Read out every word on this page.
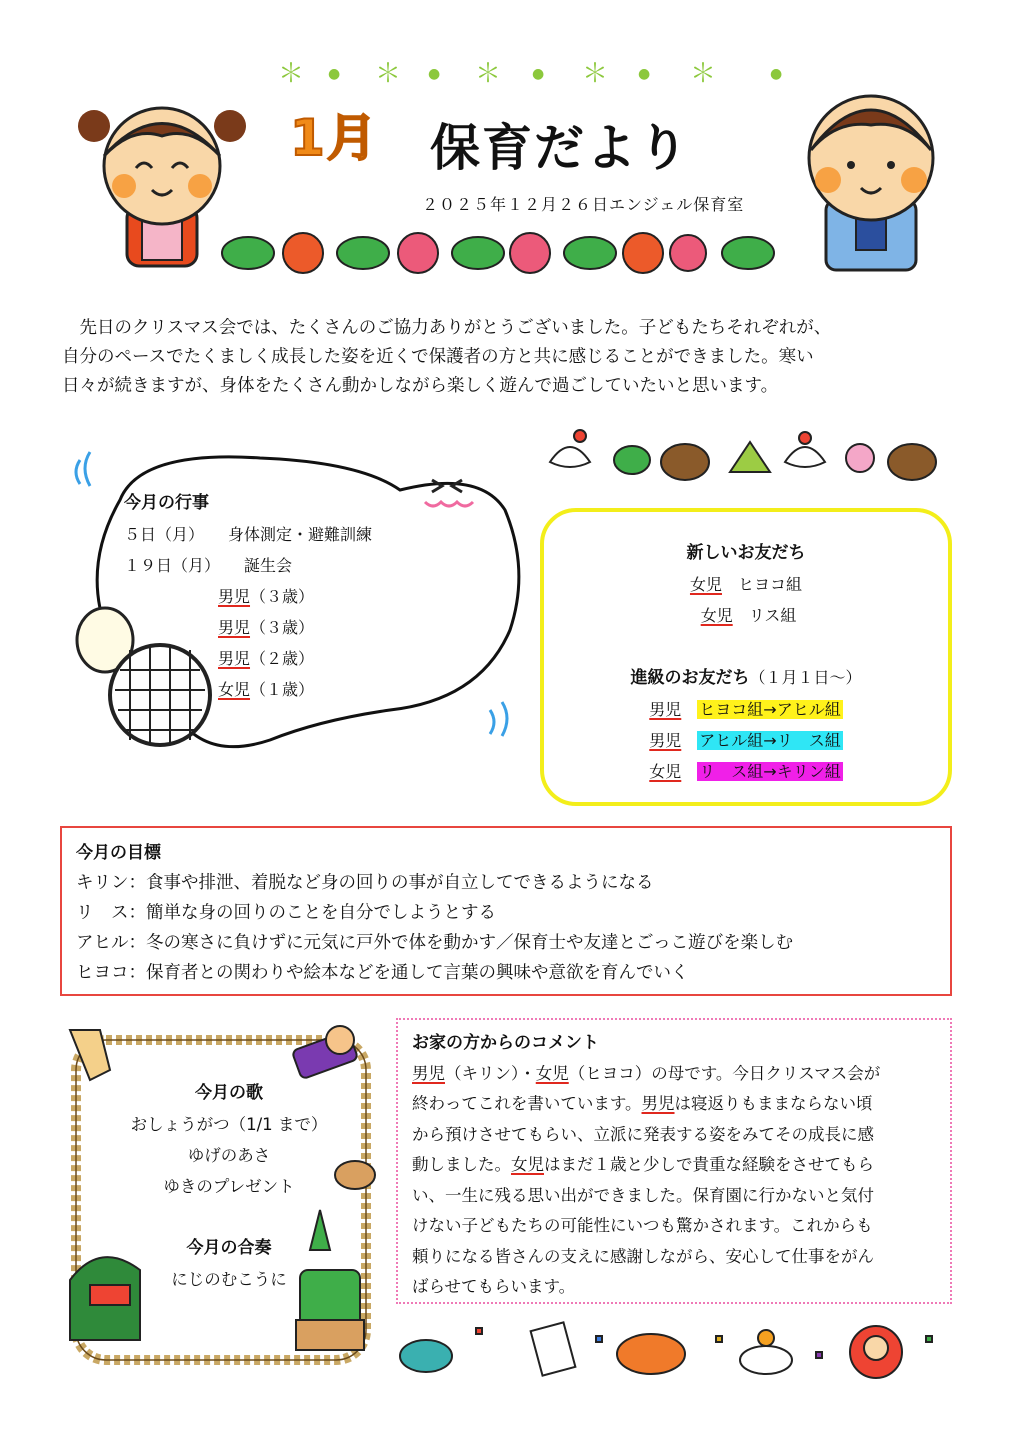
＊ ● ＊ ● ＊ ● ＊ ● ＊	●
1月 保育だより
２０２５年１２月２６日エンジェル保育室

先日のクリスマス会では、たくさんのご協力ありがとうございました。子どもたちそれぞれが、

自分のペースでたくましく成長した姿を近くで保護者の方と共に感じることができました。寒い
日々が続きますが、身体をたくさん動かしながら楽しく遊んで過ごしていたいと思います。
今月の行事
５日（月）　　 身体測定・避難訓練
１９日（月）　　 誕生会
男児（３歳）
男児（３歳）
男児（２歳）
女児（１歳）
新しいお友だち
女児　 ヒヨコ組
女児　 リス組
進級のお友だち（１月１日～）
男児　 ヒヨコ組→アヒル組
男児　 アヒル組→リ　ス組
女児　 リ　ス組→キリン組
今月の目標
キリン：食事や排泄、着脱など身の回りの事が自立してできるようになる
リ　ス：簡単な身の回りのことを自分でしようとする
アヒル：冬の寒さに負けずに元気に戸外で体を動かす／保育士や友達とごっこ遊びを楽しむ
ヒヨコ：保育者との関わりや絵本などを通して言葉の興味や意欲を育んでいく
今月の歌
おしょうがつ（1/1 まで）
ゆげのあさ
ゆきのプレゼント
今月の合奏
にじのむこうに
お家の方からのコメント
男児（キリン）・女児（ヒヨコ）の母です。今日クリスマス会が
終わってこれを書いています。男児は寝返りもままならない頃
から預けさせてもらい、立派に発表する姿をみてその成長に感
動しました。女児はまだ１歳と少しで貴重な経験をさせてもら
い、一生に残る思い出ができました。保育園に行かないと気付
けない子どもたちの可能性にいつも驚かされます。これからも
頼りになる皆さんの支えに感謝しながら、安心して仕事をがん
ばらせてもらいます。
